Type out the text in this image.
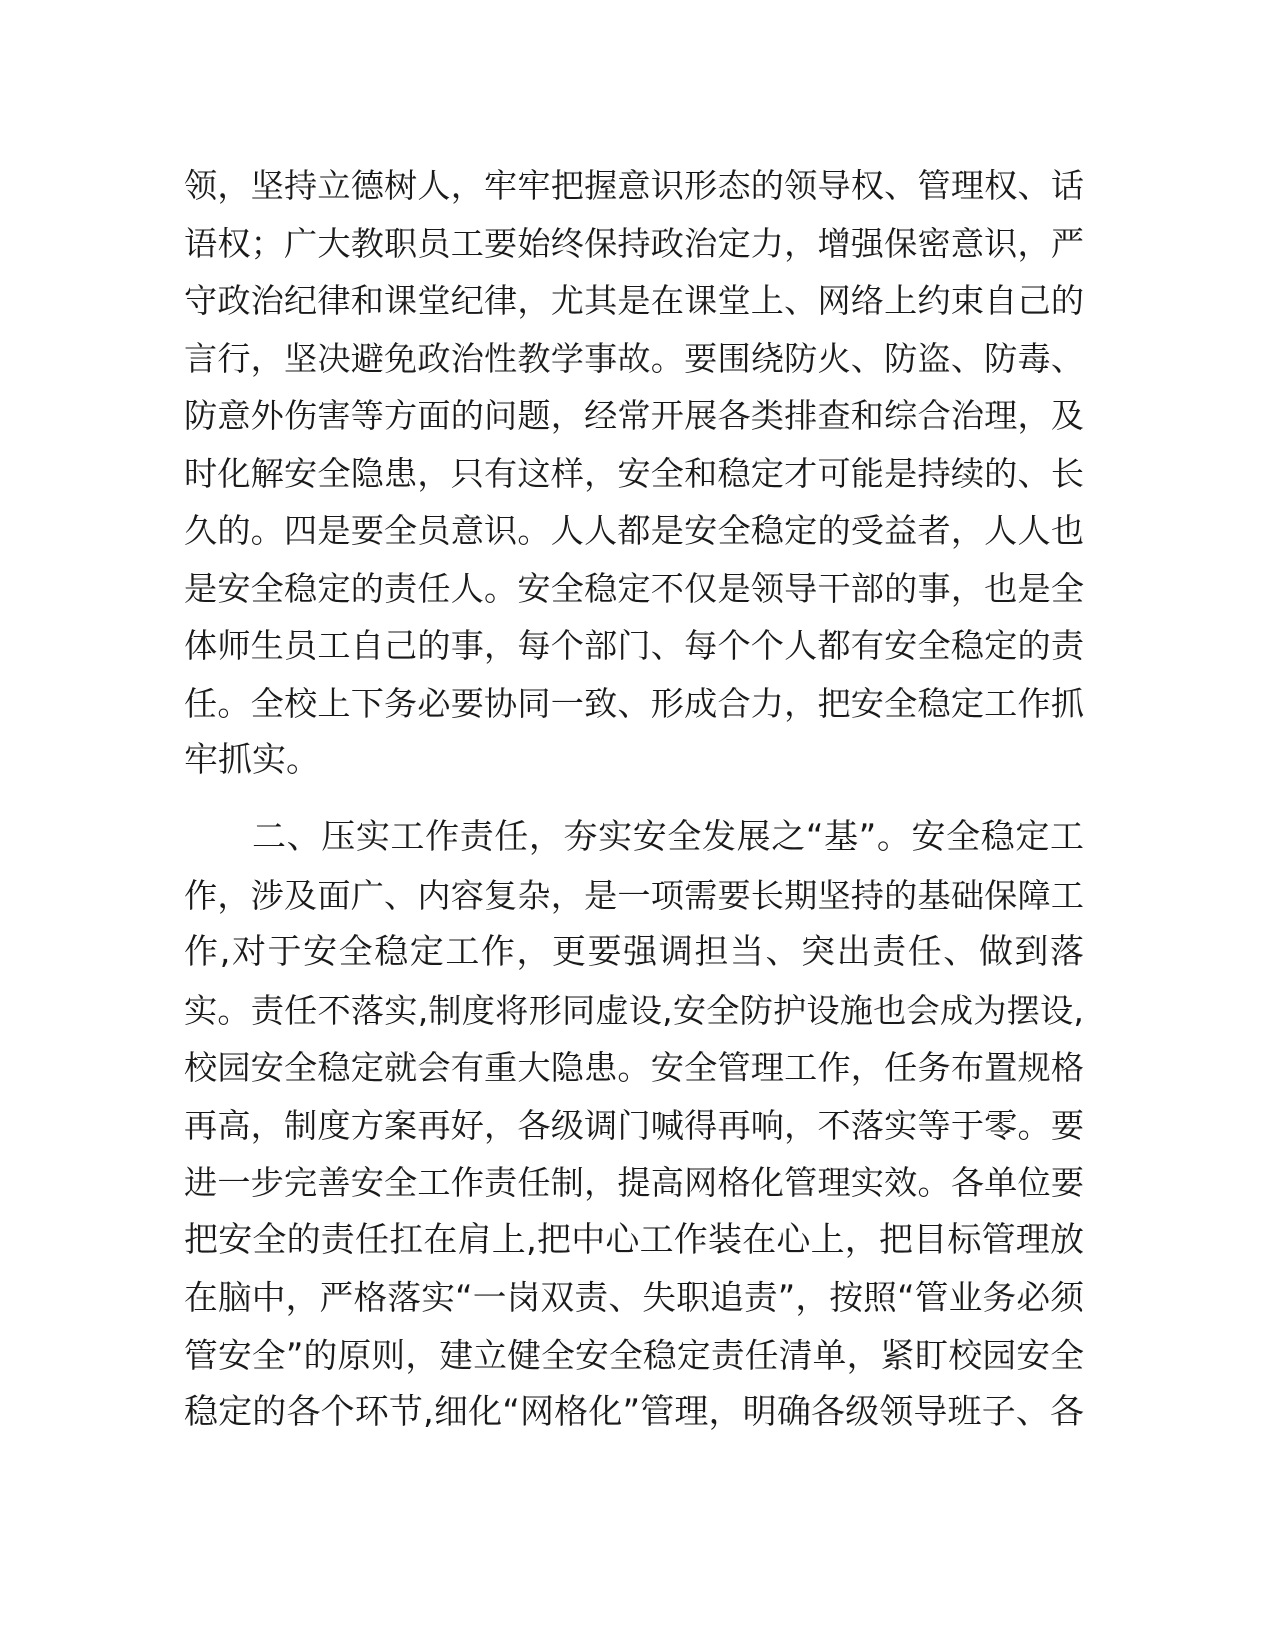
领，坚持立德树人，牢牢把握意识形态的领导权、管理权、话
语权；广大教职员工要始终保持政治定力，增强保密意识，严
守政治纪律和课堂纪律，尤其是在课堂上、网络上约束自己的
言行，坚决避免政治性教学事故。要围绕防火、防盗、防毒、
防意外伤害等方面的问题，经常开展各类排查和综合治理，及
时化解安全隐患，只有这样，安全和稳定才可能是持续的、长
久的。四是要全员意识。人人都是安全稳定的受益者，人人也
是安全稳定的责任人。安全稳定不仅是领导干部的事，也是全
体师生员工自己的事，每个部门、每个个人都有安全稳定的责
任。全校上下务必要协同一致、形成合力，把安全稳定工作抓
牢抓实。
二、压实工作责任，夯实安全发展之“基”。安全稳定工
作，涉及面广、内容复杂，是一项需要长期坚持的基础保障工
作,对于安全稳定工作，更要强调担当、突出责任、做到落
实。责任不落实,制度将形同虚设,安全防护设施也会成为摆设,
校园安全稳定就会有重大隐患。安全管理工作，任务布置规格
再高，制度方案再好，各级调门喊得再响，不落实等于零。要
进一步完善安全工作责任制，提高网格化管理实效。各单位要
把安全的责任扛在肩上,把中心工作装在心上，把目标管理放
在脑中，严格落实“一岗双责、失职追责”，按照“管业务必须
管安全”的原则，建立健全安全稳定责任清单，紧盯校园安全
稳定的各个环节,细化“网格化”管理，明确各级领导班子、各
